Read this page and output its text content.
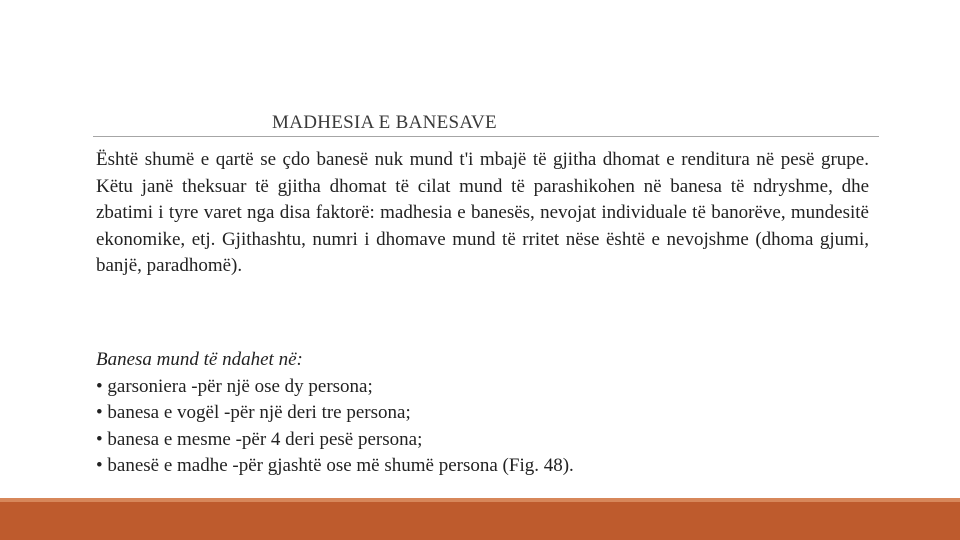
MADHESIA E BANESAVE

Është shumë e qartë se çdo banesë nuk mund t'i mbajë të gjitha dhomat e renditura në pesë grupe. Këtu janë theksuar të gjitha dhomat të cilat mund të parashikohen në banesa të ndryshme, dhe zbatimi i tyre varet nga disa faktorë: madhesia e banesës, nevojat individuale të banorëve, mundesitë ekonomike, etj. Gjithashtu, numri i dhomave mund të rritet nëse është e nevojshme (dhoma gjumi, banjë, paradhomë).

Banesa mund të ndahet në:
• garsoniera -për një ose dy persona;
• banesa e vogël -për një deri tre persona;
• banesa e mesme -për 4 deri pesë persona;
• banesë e madhe -për gjashtë ose më shumë persona (Fig. 48).
